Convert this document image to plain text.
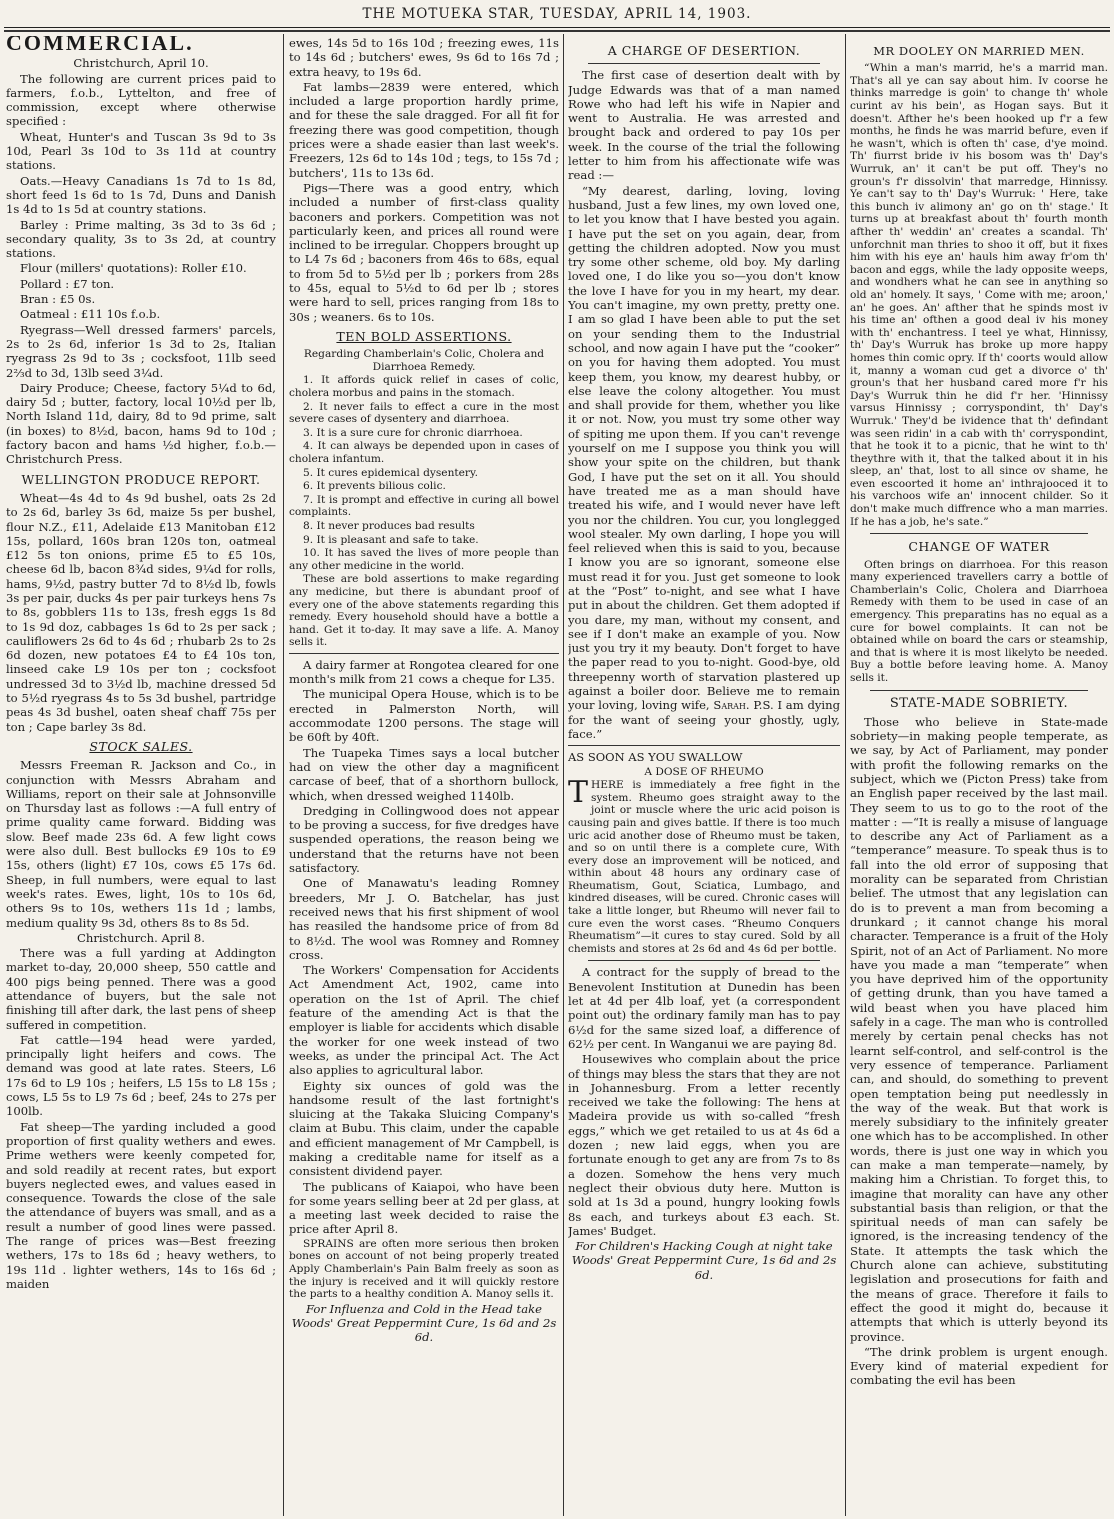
THE MOTUEKA STAR, TUESDAY, APRIL 14, 1903.
COMMERCIAL.

Christchurch, April 10.

The following are current prices paid to farmers, f.o.b., Lyttelton, and free of commission, except where otherwise specified :

Wheat, Hunter's and Tuscan 3s 9d to 3s 10d, Pearl 3s 10d to 3s 11d at country stations.

Oats.—Heavy Canadians 1s 7d to 1s 8d, short feed 1s 6d to 1s 7d, Duns and Danish 1s 4d to 1s 5d at country stations.

Barley : Prime malting, 3s 3d to 3s 6d ; secondary quality, 3s to 3s 2d, at country stations.

Flour (millers' quotations): Roller £10.

Pollard : £7 ton.

Bran : £5 0s.

Oatmeal : £11 10s f.o.b.

Ryegrass—Well dressed farmers' parcels, 2s to 2s 6d, inferior 1s 3d to 2s, Italian ryegrass 2s 9d to 3s ; cocksfoot, 11lb seed 2⅔d to 3d, 13lb seed 3¼d.

Dairy Produce; Cheese, factory 5¼d to 6d, dairy 5d ; butter, factory, local 10½d per lb, North Island 11d, dairy, 8d to 9d prime, salt (in boxes) to 8½d, bacon, hams 9d to 10d ; factory bacon and hams ½d higher, f.o.b.—Christchurch Press.

WELLINGTON PRODUCE REPORT.

Wheat—4s 4d to 4s 9d bushel, oats 2s 2d to 2s 6d, barley 3s 6d, maize 5s per bushel, flour N.Z., £11, Adelaide £13 Manitoban £12 15s, pollard, 160s bran 120s ton, oatmeal £12 5s ton onions, prime £5 to £5 10s, cheese 6d lb, bacon 8¾d sides, 9¼d for rolls, hams, 9½d, pastry butter 7d to 8½d lb, fowls 3s per pair, ducks 4s per pair turkeys hens 7s to 8s, gobblers 11s to 13s, fresh eggs 1s 8d to 1s 9d doz, cabbages 1s 6d to 2s per sack ; cauliflowers 2s 6d to 4s 6d ; rhubarb 2s to 2s 6d dozen, new potatoes £4 to £4 10s ton, linseed cake L9 10s per ton ; cocksfoot undressed 3d to 3½d lb, machine dressed 5d to 5½d ryegrass 4s to 5s 3d bushel, partridge peas 4s 3d bushel, oaten sheaf chaff 75s per ton ; Cape barley 3s 8d.

STOCK SALES.

Messrs Freeman R. Jackson and Co., in conjunction with Messrs Abraham and Williams, report on their sale at Johnsonville on Thursday last as follows :—A full entry of prime quality came forward. Bidding was slow. Beef made 23s 6d. A few light cows were also dull. Best bullocks £9 10s to £9 15s, others (light) £7 10s, cows £5 17s 6d. Sheep, in full numbers, were equal to last week's rates. Ewes, light, 10s to 10s 6d, others 9s to 10s, wethers 11s 1d ; lambs, medium quality 9s 3d, others 8s to 8s 5d.

Christchurch. April 8.

There was a full yarding at Addington market to-day, 20,000 sheep, 550 cattle and 400 pigs being penned. There was a good attendance of buyers, but the sale not finishing till after dark, the last pens of sheep suffered in competition.

Fat cattle—194 head were yarded, principally light heifers and cows. The demand was good at late rates. Steers, L6 17s 6d to L9 10s ; heifers, L5 15s to L8 15s ; cows, L5 5s to L9 7s 6d ; beef, 24s to 27s per 100lb.

Fat sheep—The yarding included a good proportion of first quality wethers and ewes. Prime wethers were keenly competed for, and sold readily at recent rates, but export buyers neglected ewes, and values eased in consequence. Towards the close of the sale the attendance of buyers was small, and as a result a number of good lines were passed. The range of prices was—Best freezing wethers, 17s to 18s 6d ; heavy wethers, to 19s 11d . lighter wethers, 14s to 16s 6d ; maiden

ewes, 14s 5d to 16s 10d ; freezing ewes, 11s to 14s 6d ; butchers' ewes, 9s 6d to 16s 7d ; extra heavy, to 19s 6d.

Fat lambs—2839 were entered, which included a large proportion hardly prime, and for these the sale dragged. For all fit for freezing there was good competition, though prices were a shade easier than last week's. Freezers, 12s 6d to 14s 10d ; tegs, to 15s 7d ; butchers', 11s to 13s 6d.

Pigs—There was a good entry, which included a number of first-class quality baconers and porkers. Competition was not particularly keen, and prices all round were inclined to be irregular. Choppers brought up to L4 7s 6d ; baconers from 46s to 68s, equal to from 5d to 5½d per lb ; porkers from 28s to 45s, equal to 5½d to 6d per lb ; stores were hard to sell, prices ranging from 18s to 30s ; weaners. 6s to 10s.

TEN BOLD ASSERTIONS.

Regarding Chamberlain's Colic, Cholera and Diarrhoea Remedy.

1. It affords quick relief in cases of colic, cholera morbus and pains in the stomach.

2. It never fails to effect a cure in the most severe cases of dysentery and diarrhoea.

3. It is a sure cure for chronic diarrhoea.

4. It can always be depended upon in cases of cholera infantum.

5. It cures epidemical dysentery.

6. It prevents bilious colic.

7. It is prompt and effective in curing all bowel complaints.

8. It never produces bad results

9. It is pleasant and safe to take.

10. It has saved the lives of more people than any other medicine in the world.

These are bold assertions to make regarding any medicine, but there is abundant proof of every one of the above statements regarding this remedy. Every household should have a bottle a hand. Get it to-day. It may save a life. A. Manoy sells it.

A dairy farmer at Rongotea cleared for one month's milk from 21 cows a cheque for L35.

The municipal Opera House, which is to be erected in Palmerston North, will accommodate 1200 persons. The stage will be 60ft by 40ft.

The Tuapeka Times says a local butcher had on view the other day a magnificent carcase of beef, that of a shorthorn bullock, which, when dressed weighed 1140lb.

Dredging in Collingwood does not appear to be proving a success, for five dredges have suspended operations, the reason being we understand that the returns have not been satisfactory.

One of Manawatu's leading Romney breeders, Mr J. O. Batchelar, has just received news that his first shipment of wool has reasiled the handsome price of from 8d to 8½d. The wool was Romney and Romney cross.

The Workers' Compensation for Accidents Act Amendment Act, 1902, came into operation on the 1st of April. The chief feature of the amending Act is that the employer is liable for accidents which disable the worker for one week instead of two weeks, as under the principal Act. The Act also applies to agricultural labor.

Eighty six ounces of gold was the handsome result of the last fortnight's sluicing at the Takaka Sluicing Company's claim at Bubu. This claim, under the capable and efficient management of Mr Campbell, is making a creditable name for itself as a consistent dividend payer.

The publicans of Kaiapoi, who have been for some years selling beer at 2d per glass, at a meeting last week decided to raise the price after April 8.

SPRAINS are often more serious then broken bones on account of not being properly treated Apply Chamberlain's Pain Balm freely as soon as the injury is received and it will quickly restore the parts to a healthy condition A. Manoy sells it.

For Influenza and Cold in the Head take Woods' Great Peppermint Cure, 1s 6d and 2s 6d.

A CHARGE OF DESERTION.

The first case of desertion dealt with by Judge Edwards was that of a man named Rowe who had left his wife in Napier and went to Australia. He was arrested and brought back and ordered to pay 10s per week. In the course of the trial the following letter to him from his affectionate wife was read :—

“My dearest, darling, loving, loving husband, Just a few lines, my own loved one, to let you know that I have bested you again. I have put the set on you again, dear, from getting the children adopted. Now you must try some other scheme, old boy. My darling loved one, I do like you so—you don't know the love I have for you in my heart, my dear. You can't imagine, my own pretty, pretty one. I am so glad I have been able to put the set on your sending them to the Industrial school, and now again I have put the “cooker” on you for having them adopted. You must keep them, you know, my dearest hubby, or else leave the colony altogether. You must and shall provide for them, whether you like it or not. Now, you must try some other way of spiting me upon them. If you can't revenge yourself on me I suppose you think you will show your spite on the children, but thank God, I have put the set on it all. You should have treated me as a man should have treated his wife, and I would never have left you nor the children. You cur, you longlegged wool stealer. My own darling, I hope you will feel relieved when this is said to you, because I know you are so ignorant, someone else must read it for you. Just get someone to look at the “Post” to-night, and see what I have put in about the children. Get them adopted if you dare, my man, without my consent, and see if I don't make an example of you. Now just you try it my beauty. Don't forget to have the paper read to you to-night. Good-bye, old threepenny worth of starvation plastered up against a boiler door. Believe me to remain your loving, loving wife, Sarah. P.S. I am dying for the want of seeing your ghostly, ugly, face.”

AS SOON AS YOU SWALLOW

A DOSE OF RHEUMO

THERE is immediately a free fight in the system. Rheumo goes straight away to the joint or muscle where the uric acid poison is causing pain and gives battle. If there is too much uric acid another dose of Rheumo must be taken, and so on until there is a complete cure, With every dose an improvement will be noticed, and within about 48 hours any ordinary case of Rheumatism, Gout, Sciatica, Lumbago, and kindred diseases, will be cured. Chronic cases will take a little longer, but Rheumo will never fail to cure even the worst cases. “Rheumo Conquers Rheumatism”—it cures to stay cured. Sold by all chemists and stores at 2s 6d and 4s 6d per bottle.

A contract for the supply of bread to the Benevolent Institution at Dunedin has been let at 4d per 4lb loaf, yet (a correspondent point out) the ordinary family man has to pay 6½d for the same sized loaf, a difference of 62½ per cent. In Wanganui we are paying 8d.

Housewives who complain about the price of things may bless the stars that they are not in Johannesburg. From a letter recently received we take the following: The hens at Madeira provide us with so-called “fresh eggs,” which we get retailed to us at 4s 6d a dozen ; new laid eggs, when you are fortunate enough to get any are from 7s to 8s a dozen. Somehow the hens very much neglect their obvious duty here. Mutton is sold at 1s 3d a pound, hungry looking fowls 8s each, and turkeys about £3 each. St. James' Budget.

For Children's Hacking Cough at night take Woods' Great Peppermint Cure, 1s 6d and 2s 6d.

MR DOOLEY ON MARRIED MEN.

“Whin a man's marrid, he's a marrid man. That's all ye can say about him. Iv coorse he thinks marredge is goin' to change th' whole curint av his bein', as Hogan says. But it doesn't. Afther he's been hooked up f'r a few months, he finds he was marrid befure, even if he wasn't, which is often th' case, d'ye moind. Th' fiurrst bride iv his bosom was th' Day's Wurruk, an' it can't be put off. They's no groun's f'r dissolvin' that marredge, Hinnissy. Ye can't say to th' Day's Wurruk: ' Here, take this bunch iv alimony an' go on th' stage.' It turns up at breakfast about th' fourth month afther th' weddin' an' creates a scandal. Th' unforchnit man thries to shoo it off, but it fixes him with his eye an' hauls him away fr'om th' bacon and eggs, while the lady opposite weeps, and wondhers what he can see in anything so old an' homely. It says, ' Come with me; aroon,' an' he goes. An' afther that he spinds most iv his time an' ofthen a good deal iv his money with th' enchantress. I teel ye what, Hinnissy, th' Day's Wurruk has broke up more happy homes thin comic opry. If th' coorts would allow it, manny a woman cud get a divorce o' th' groun's that her husband cared more f'r his Day's Wurruk thin he did f'r her. 'Hinnissy varsus Hinnissy ; corryspondint, th' Day's Wurruk.' They'd be ividence that th' defindant was seen ridin' in a cab with th' corryspondint, that he took it to a picnic, that he wint to th' theythre with it, that the talked about it in his sleep, an' that, lost to all since ov shame, he even escoorted it home an' inthrajooced it to his varchoos wife an' innocent childer. So it don't make much diffrence who a man marries. If he has a job, he's sate.”

CHANGE OF WATER

Often brings on diarrhoea. For this reason many experienced travellers carry a bottle of Chamberlain's Colic, Cholera and Diarrhoea Remedy with them to be used in case of an emergency. This preparatins has no equal as a cure for bowel complaints. It can not be obtained while on board the cars or steamship, and that is where it is most likelyto be needed. Buy a bottle before leaving home. A. Manoy sells it.

STATE-MADE SOBRIETY.

Those who believe in State-made sobriety—in making people temperate, as we say, by Act of Parliament, may ponder with profit the following remarks on the subject, which we (Picton Press) take from an English paper received by the last mail. They seem to us to go to the root of the matter : —“It is really a misuse of language to describe any Act of Parliament as a “temperance” measure. To speak thus is to fall into the old error of supposing that morality can be separated from Christian belief. The utmost that any legislation can do is to prevent a man from becoming a drunkard ; it cannot change his moral character. Temperance is a fruit of the Holy Spirit, not of an Act of Parliament. No more have you made a man “temperate” when you have deprived him of the opportunity of getting drunk, than you have tamed a wild beast when you have placed him safely in a cage. The man who is controlled merely by certain penal checks has not learnt self-control, and self-control is the very essence of temperance. Parliament can, and should, do something to prevent open temptation being put needlessly in the way of the weak. But that work is merely subsidiary to the infinitely greater one which has to be accomplished. In other words, there is just one way in which you can make a man temperate—namely, by making him a Christian. To forget this, to imagine that morality can have any other substantial basis than religion, or that the spiritual needs of man can safely be ignored, is the increasing tendency of the State. It attempts the task which the Church alone can achieve, substituting legislation and prosecutions for faith and the means of grace. Therefore it fails to effect the good it might do, because it attempts that which is utterly beyond its province.

“The drink problem is urgent enough. Every kind of material expedient for combating the evil has been
